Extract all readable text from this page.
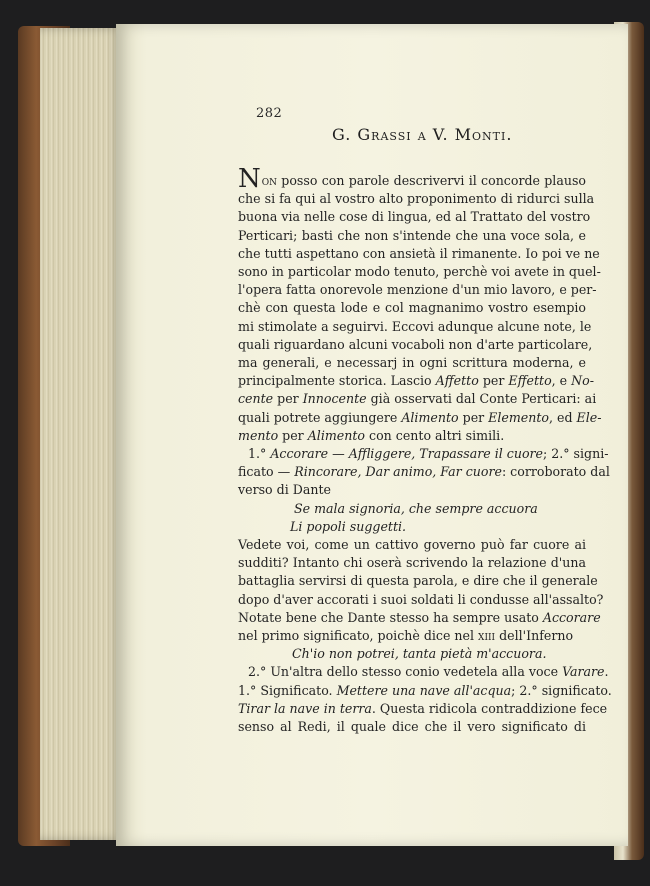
282
G. Grassi a V. Monti.
Non posso con parole descrivervi il concorde plauso
che si fa qui al vostro alto proponimento di ridurci sulla
buona via nelle cose di lingua, ed al Trattato del vostro
Perticari; basti che non s'intende che una voce sola, e
che tutti aspettano con ansietà il rimanente. Io poi ve ne
sono in particolar modo tenuto, perchè voi avete in quel-
l'opera fatta onorevole menzione d'un mio lavoro, e per-
chè con questa lode e col magnanimo vostro esempio
mi stimolate a seguirvi. Eccovi adunque alcune note, le
quali riguardano alcuni vocaboli non d'arte particolare,
ma generali, e necessarj in ogni scrittura moderna, e
principalmente storica. Lascio Affetto per Effetto, e No-
cente per Innocente già osservati dal Conte Perticari: ai
quali potrete aggiungere Alimento per Elemento, ed Ele-
mento per Alimento con cento altri simili.
1.° Accorare — Affliggere, Trapassare il cuore; 2.° signi-
ficato — Rincorare, Dar animo, Far cuore: corroborato dal
verso di Dante
Se mala signoria, che sempre accuora
Li popoli suggetti.
Vedete voi, come un cattivo governo può far cuore ai
sudditi? Intanto chi oserà scrivendo la relazione d'una
battaglia servirsi di questa parola, e dire che il generale
dopo d'aver accorati i suoi soldati li condusse all'assalto?
Notate bene che Dante stesso ha sempre usato Accorare
nel primo significato, poichè dice nel xiii dell'Inferno
Ch'io non potrei, tanta pietà m'accuora.
2.° Un'altra dello stesso conio vedetela alla voce Varare.
1.° Significato. Mettere una nave all'acqua; 2.° significato.
Tirar la nave in terra. Questa ridicola contraddizione fece
senso al Redi, il quale dice che il vero significato di
